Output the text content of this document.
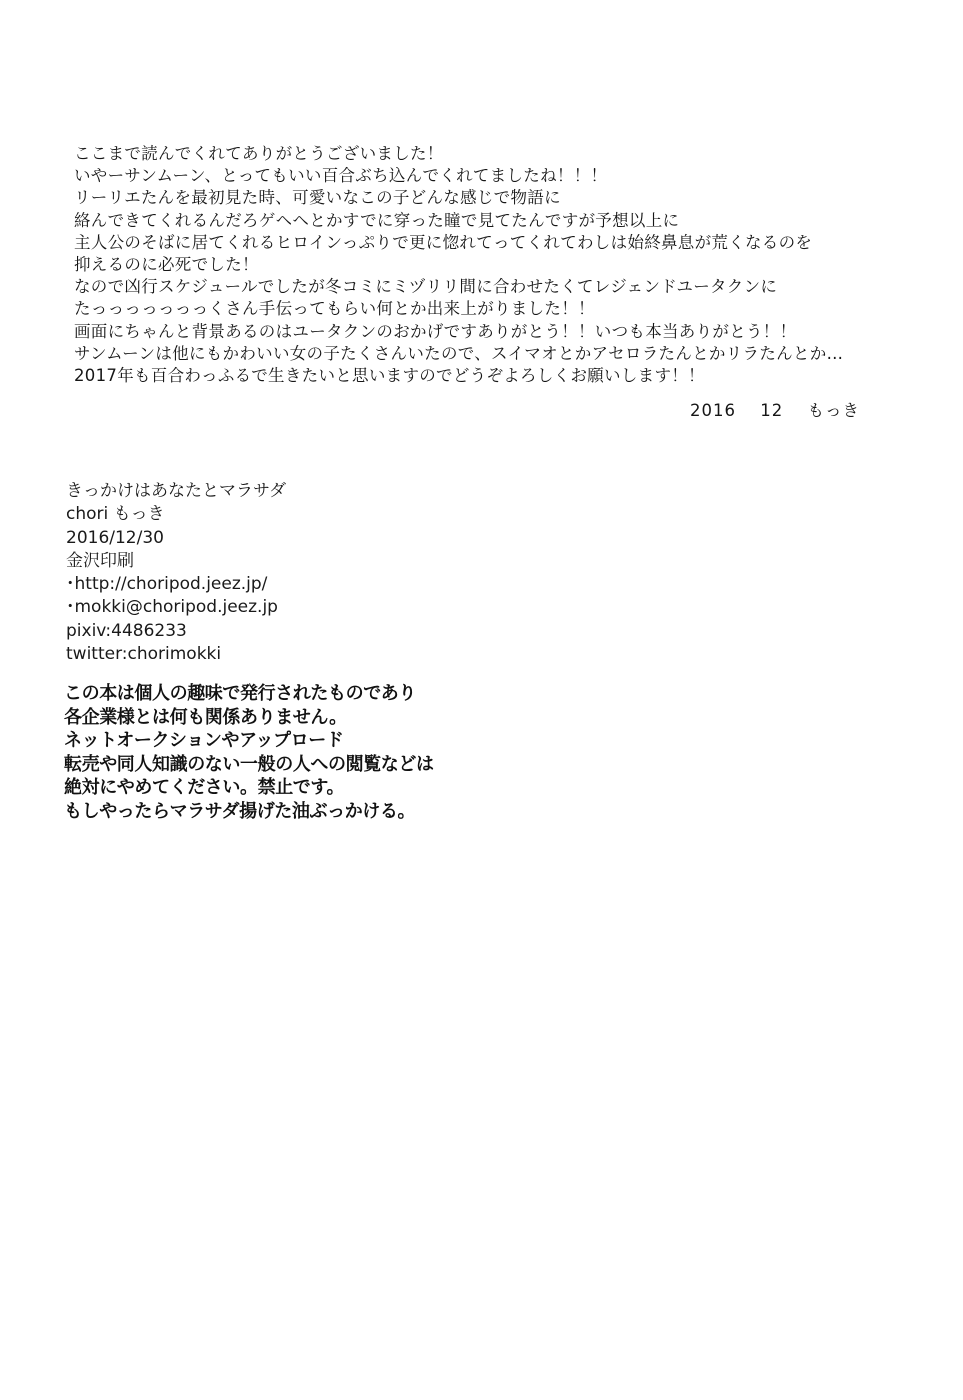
ここまで読んでくれてありがとうございました！
いやーサンムーン、とってもいい百合ぶち込んでくれてましたね！！！
リーリエたんを最初見た時、可愛いなこの子どんな感じで物語に
絡んできてくれるんだろゲヘヘとかすでに穿った瞳で見てたんですが予想以上に
主人公のそばに居てくれるヒロインっぷりで更に惚れてってくれてわしは始終鼻息が荒くなるのを
抑えるのに必死でした！
なので凶行スケジュールでしたが冬コミにミヅリリ間に合わせたくてレジェンドユータクンに
たっっっっっっっくさん手伝ってもらい何とか出来上がりました！！
画面にちゃんと背景あるのはユータクンのおかげですありがとう！！いつも本当ありがとう！！
サンムーンは他にもかわいい女の子たくさんいたので、スイマオとかアセロラたんとかリラたんとか…
2017年も百合わっふるで生きたいと思いますのでどうぞよろしくお願いします！！
2016 12 もっき
きっかけはあなたとマラサダ
chori もっき
2016/12/30
金沢印刷
･http://choripod.jeez.jp/
･mokki@choripod.jeez.jp
pixiv:4486233
twitter:chorimokki
この本は個人の趣味で発行されたものであり
各企業様とは何も関係ありません。
ネットオークションやアップロード
転売や同人知識のない一般の人への閲覧などは
絶対にやめてください。禁止です。
もしやったらマラサダ揚げた油ぶっかける。
